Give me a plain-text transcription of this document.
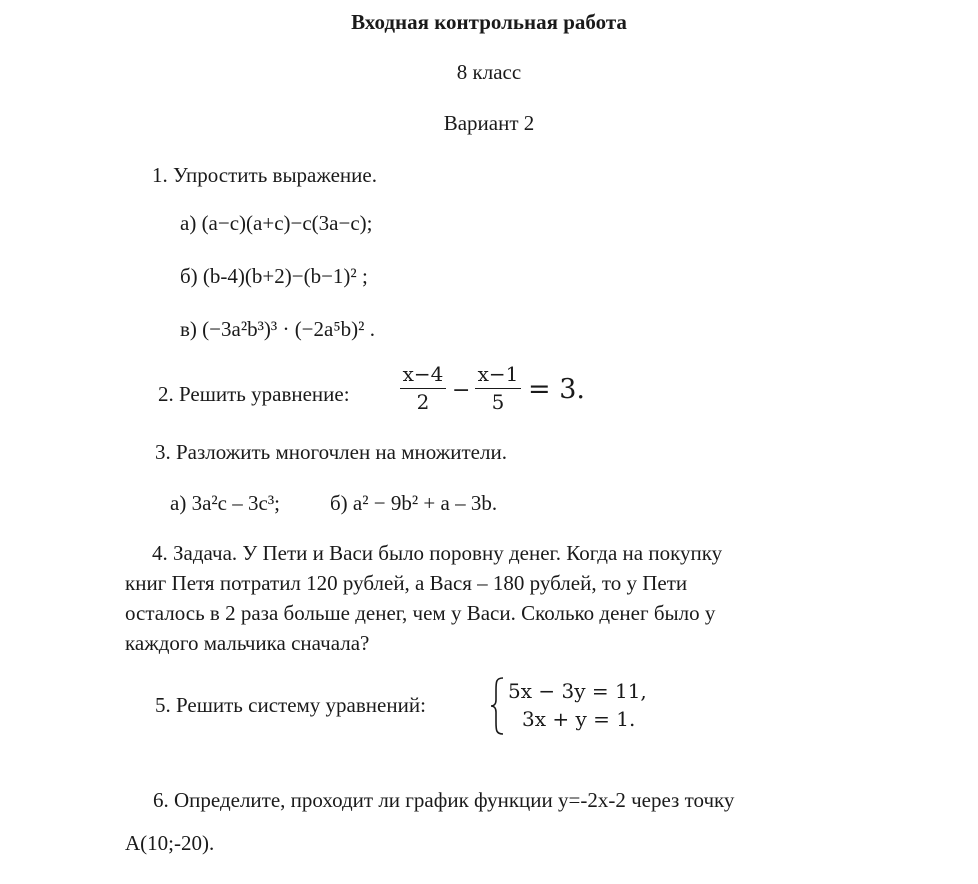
Входная контрольная работа
8 класс
Вариант 2
1. Упростить выражение.
а) (a−c)(a+c)−c(3a−c);
б) (b-4)(b+2)−(b−1)² ;
в) (−3a²b³)³ · (−2a⁵b)² .
2. Решить уравнение:
x−4
2	−
x−1
5 = 3.
3. Разложить многочлен на множители.
а) 3a²c – 3c³; б) a² − 9b² + a – 3b.
4. Задача. У Пети и Васи было поровну денег. Когда на покупку
книг Петя потратил 120 рублей, а Вася – 180 рублей, то у Пети
осталось в 2 раза больше денег, чем у Васи. Сколько денег было у
каждого мальчика сначала?
5. Решить систему уравнений:
5x − 3y = 11,
3x + y = 1.
6. Определите, проходит ли график функции y=-2x-2 через точку
A(10;-20).
